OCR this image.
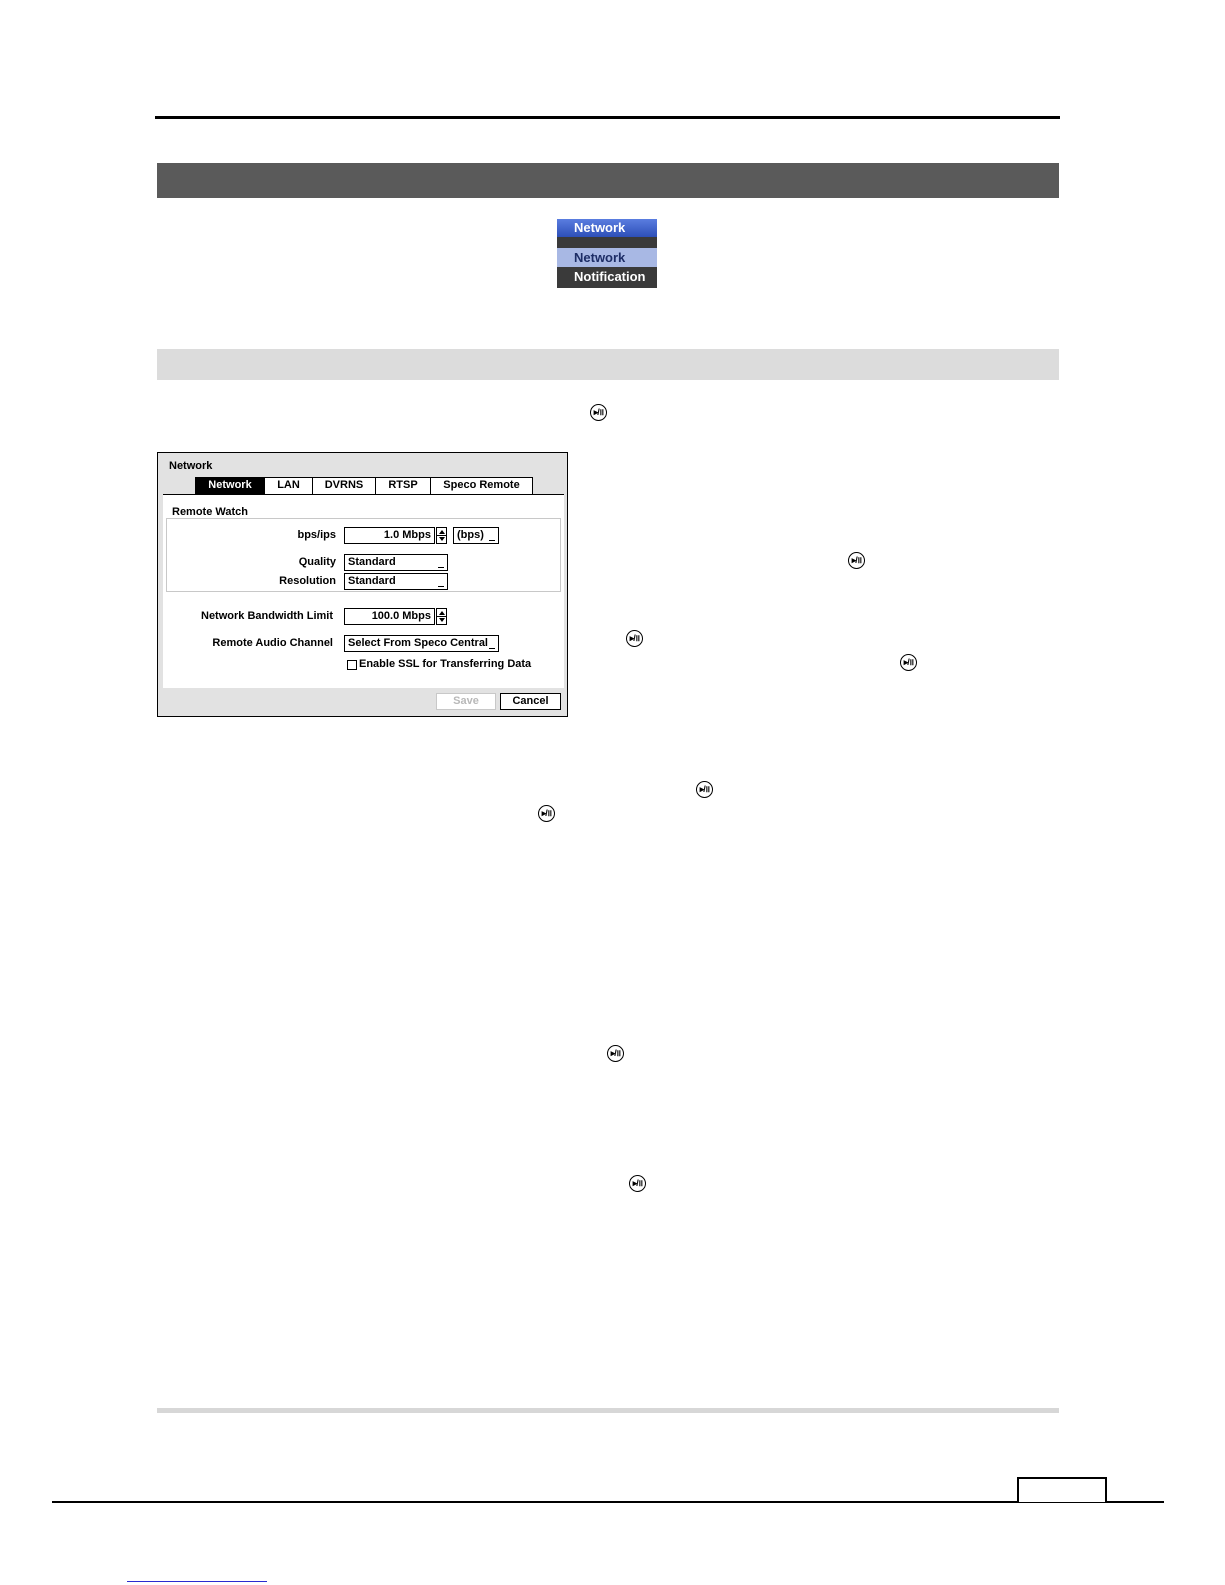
Network
Network
Notification
▸/॥
▸/॥
▸/॥
▸/॥
▸/॥
▸/॥
▸/॥
▸/॥
Network
Network	LAN	DVRNS	RTSP	Speco Remote
Remote Watch
bps/ips	1.0 Mbps	(bps)
Quality	Standard
Resolution	Standard
Network Bandwidth Limit	100.0 Mbps
Remote Audio Channel	Select From Speco Central
Enable SSL for Transferring Data
Save	Cancel
